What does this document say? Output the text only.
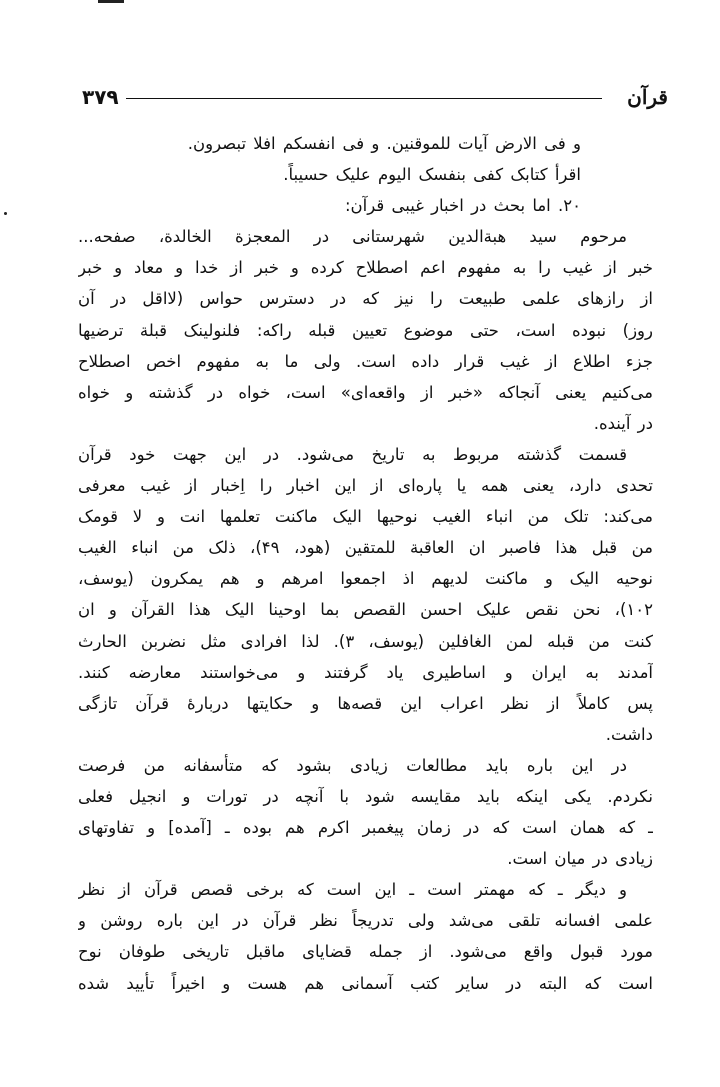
۳۷۹	قرآن
و فی الارض آیات للموقنین. و فی انفسکم افلا تبصرون.
اقرأ کتابک کفی بنفسک الیوم علیک حسیباً.
۲۰. اما بحث در اخبار غیبی قرآن:
مرحوم سید هبة‌الدین شهرستانی در المعجزة الخالدة، صفحه...
خبر از غیب را به مفهوم اعم اصطلاح کرده و خبر از خدا و معاد و خبر
از رازهای علمی طبیعت را نیز که در دسترس حواس (لااقل در آن
روز) نبوده است، حتی موضوع تعیین قبله راکه: فلنولینک قبلة ترضیها
جزء اطلاع از غیب قرار داده است. ولی ما به مفهوم اخص اصطلاح
می‌کنیم یعنی آنجاکه «خبر از واقعه‌ای» است، خواه در گذشته و خواه
در آینده.
قسمت گذشته مربوط به تاریخ می‌شود. در این جهت خود قرآن
تحدی دارد، یعنی همه یا پاره‌ای از این اخبار را اِخبار از غیب معرفی
می‌کند: تلک من انباء الغیب نوحیها الیک ماکنت تعلمها انت و لا قومک
من قبل هذا فاصبر ان العاقبة للمتقین (هود، ۴۹)، ذلک من انباء الغیب
نوحیه الیک و ماکنت لدیهم اذ اجمعوا امرهم و هم یمکرون (یوسف،
۱۰۲)، نحن نقص علیک احسن القصص بما اوحینا الیک هذا القرآن و ان
کنت من قبله لمن الغافلین (یوسف، ۳). لذا افرادی مثل نضربن الحارث
آمدند به ایران و اساطیری یاد گرفتند و می‌خواستند معارضه کنند.
پس کاملاً از نظر اعراب این قصه‌ها و حکایتها دربارهٔ قرآن تازگی
داشت.
در این باره باید مطالعات زیادی بشود که متأسفانه من فرصت
نکردم. یکی اینکه باید مقایسه شود با آنچه در تورات و انجیل فعلی
ـ که همان است که در زمان پیغمبر اکرم هم بوده ـ [آمده] و تفاوتهای
زیادی در میان است.
و دیگر ـ که مهمتر است ـ این است که برخی قصص قرآن از نظر
علمی افسانه تلقی می‌شد ولی تدریجاً نظر قرآن در این باره روشن و
مورد قبول واقع می‌شود. از جمله قضایای ماقبل تاریخی طوفان نوح
است که البته در سایر کتب آسمانی هم هست و اخیراً تأیید شده
